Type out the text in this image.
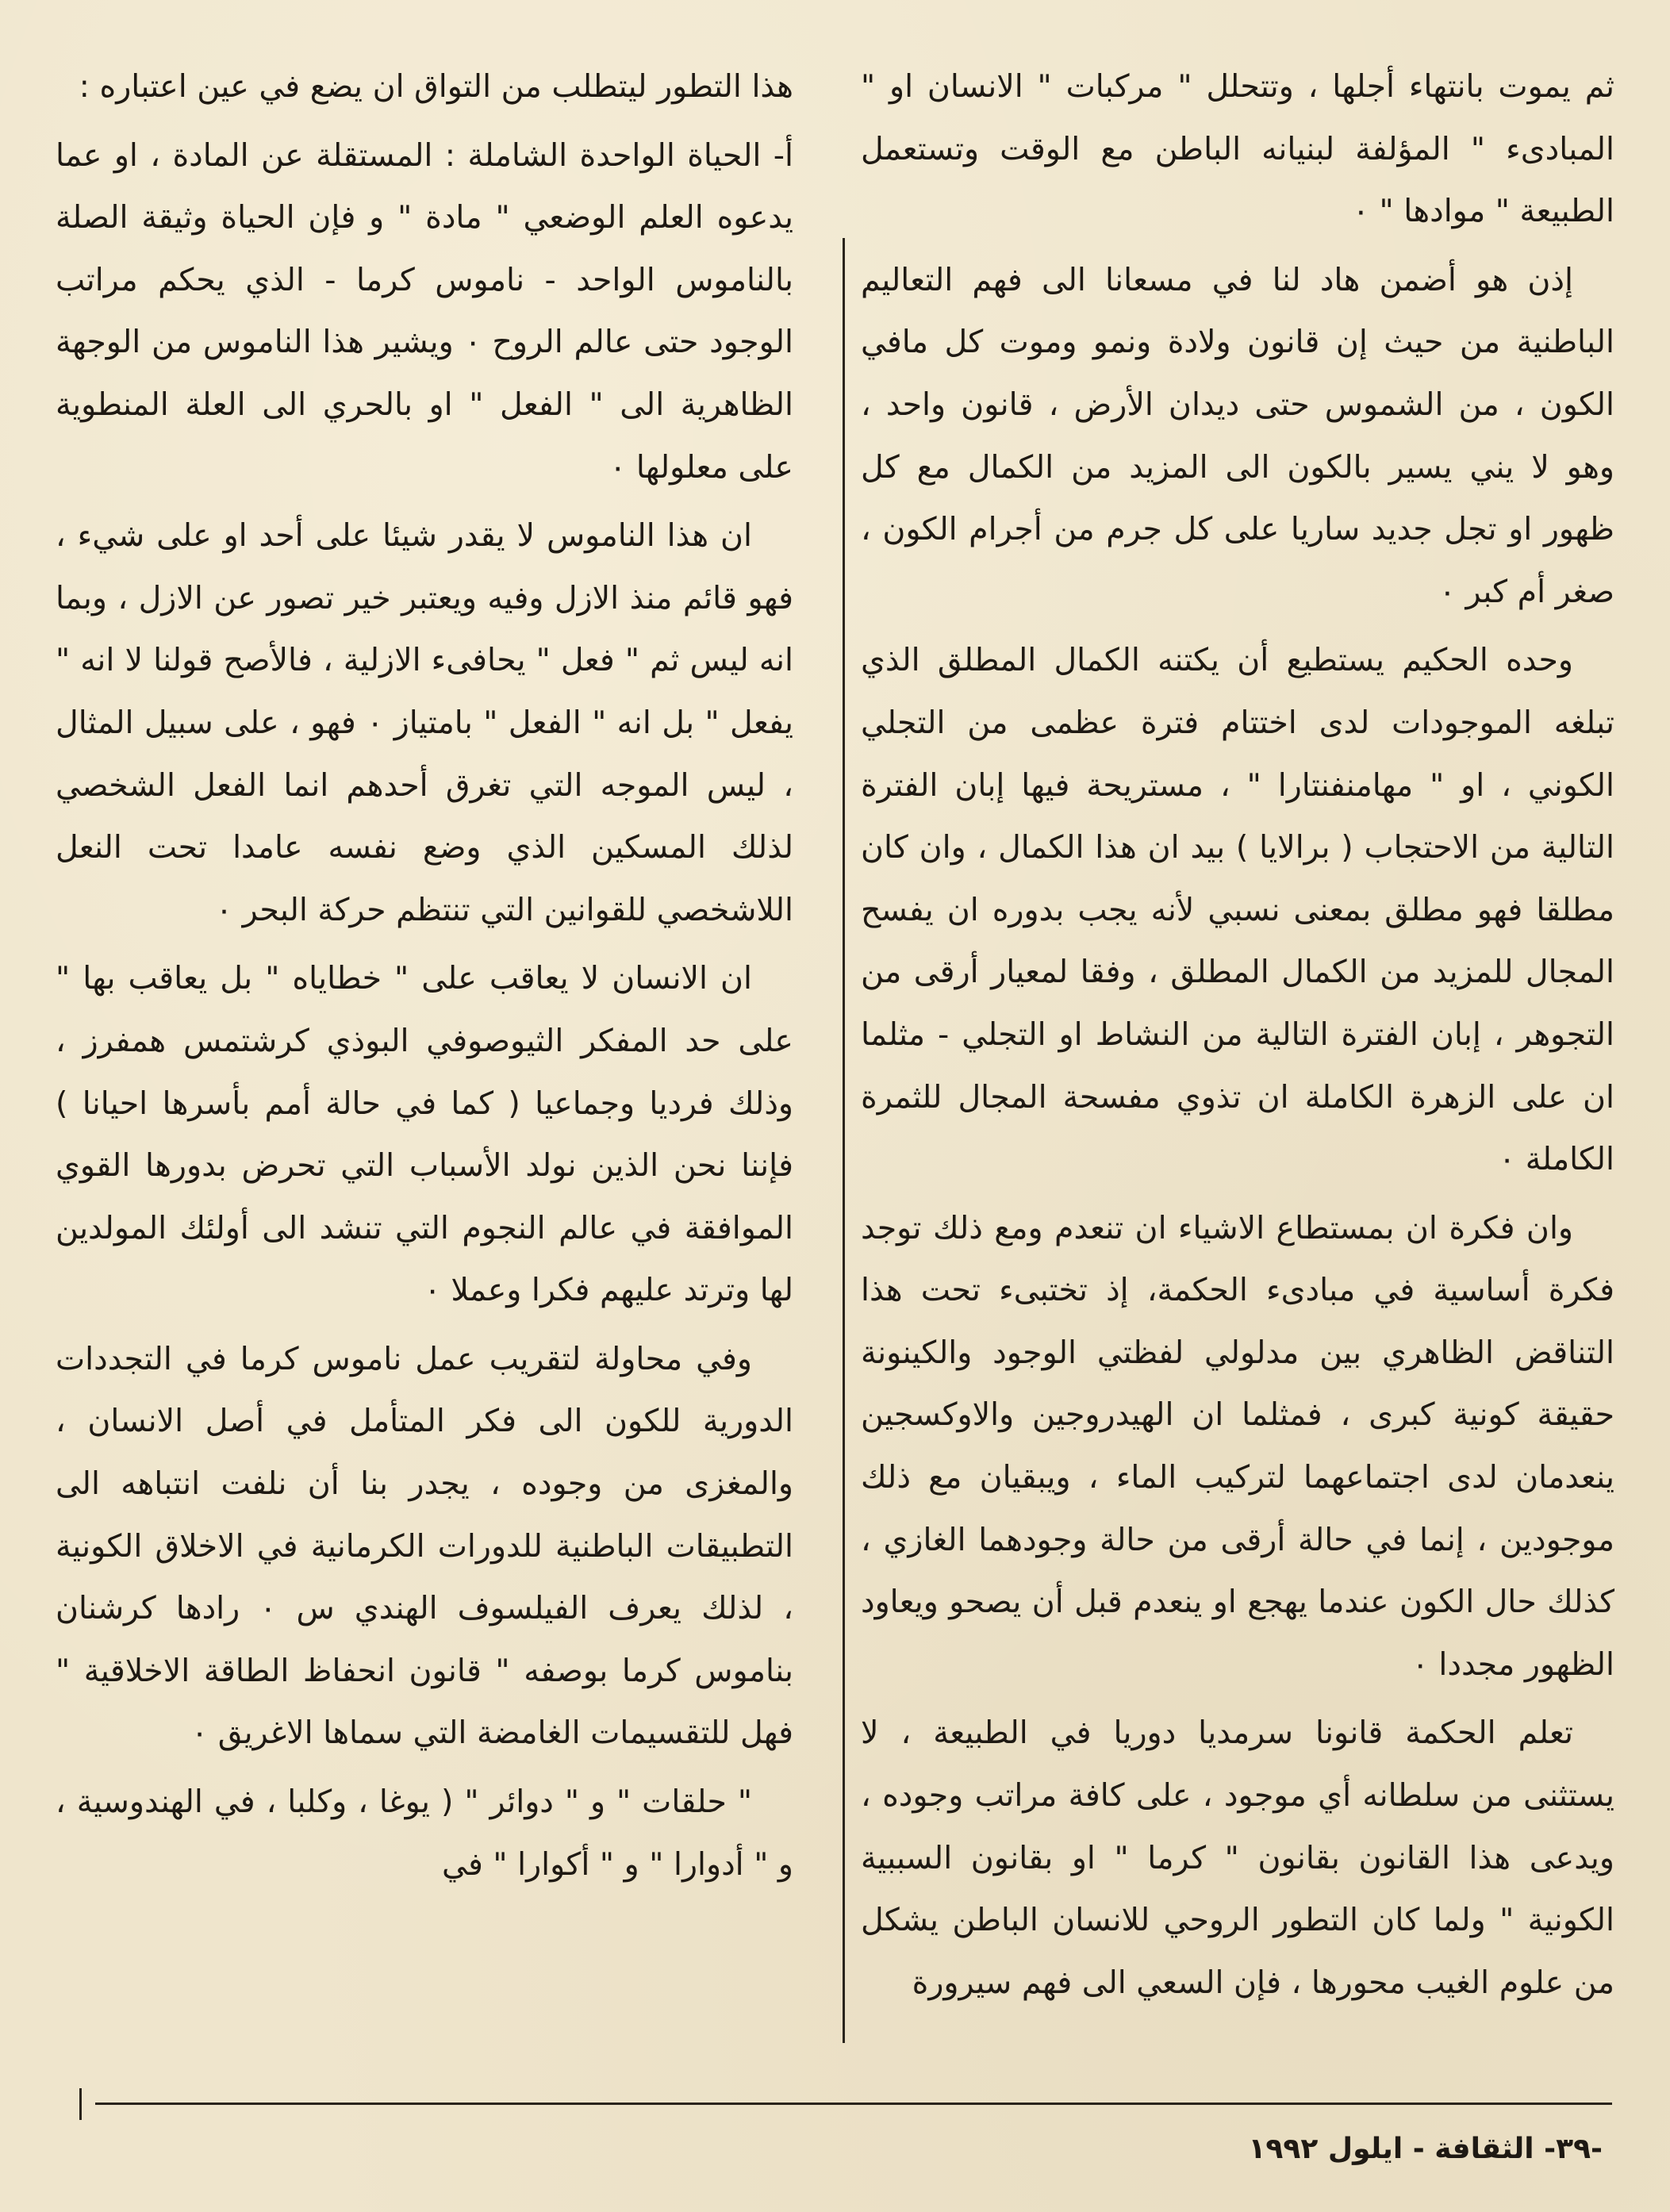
ثم يموت بانتهاء أجلها ، وتتحلل " مركبات " الانسان او " المبادىء " المؤلفة لبنيانه الباطن مع الوقت وتستعمل الطبيعة " موادها " ٠

إذن هو أضمن هاد لنا في مسعانا الى فهم التعاليم الباطنية من حيث إن قانون ولادة ونمو وموت كل مافي الكون ، من الشموس حتى ديدان الأرض ، قانون واحد ، وهو لا يني يسير بالكون الى المزيد من الكمال مع كل ظهور او تجل جديد ساريا على كل جرم من أجرام الكون ، صغر أم كبر ٠

وحده الحكيم يستطيع أن يكتنه الكمال المطلق الذي تبلغه الموجودات لدى اختتام فترة عظمى من التجلي الكوني ، او " مهامنفنتارا " ، مستريحة فيها إبان الفترة التالية من الاحتجاب ( برالايا ) بيد ان هذا الكمال ، وان كان مطلقا فهو مطلق بمعنى نسبي لأنه يجب بدوره ان يفسح المجال للمزيد من الكمال المطلق ، وفقا لمعيار أرقى من التجوهر ، إبان الفترة التالية من النشاط او التجلي - مثلما ان على الزهرة الكاملة ان تذوي مفسحة المجال للثمرة الكاملة ٠

وان فكرة ان بمستطاع الاشياء ان تنعدم ومع ذلك توجد فكرة أساسية في مبادىء الحكمة، إذ تختبىء تحت هذا التناقض الظاهري بين مدلولي لفظتي الوجود والكينونة حقيقة كونية كبرى ، فمثلما ان الهيدروجين والاوكسجين ينعدمان لدى اجتماعهما لتركيب الماء ، ويبقيان مع ذلك موجودين ، إنما في حالة أرقى من حالة وجودهما الغازي ، كذلك حال الكون عندما يهجع او ينعدم قبل أن يصحو ويعاود الظهور مجددا ٠

تعلم الحكمة قانونا سرمديا دوريا في الطبيعة ، لا يستثنى من سلطانه أي موجود ، على كافة مراتب وجوده ، ويدعى هذا القانون بقانون " كرما " او بقانون السببية الكونية " ولما كان التطور الروحي للانسان الباطن يشكل من علوم الغيب محورها ، فإن السعي الى فهم سيرورة

هذا التطور ليتطلب من التواق ان يضع في عين اعتباره :

أ- الحياة الواحدة الشاملة : المستقلة عن المادة ، او عما يدعوه العلم الوضعي " مادة " و فإن الحياة وثيقة الصلة بالناموس الواحد - ناموس كرما - الذي يحكم مراتب الوجود حتى عالم الروح ٠ ويشير هذا الناموس من الوجهة الظاهرية الى " الفعل " او بالحري الى العلة المنطوية على معلولها ٠

ان هذا الناموس لا يقدر شيئا على أحد او على شيء ، فهو قائم منذ الازل وفيه ويعتبر خير تصور عن الازل ، وبما انه ليس ثم " فعل " يحافىء الازلية ، فالأصح قولنا لا انه " يفعل " بل انه " الفعل " بامتياز ٠ فهو ، على سبيل المثال ، ليس الموجه التي تغرق أحدهم انما الفعل الشخصي لذلك المسكين الذي وضع نفسه عامدا تحت النعل اللاشخصي للقوانين التي تنتظم حركة البحر ٠

ان الانسان لا يعاقب على " خطاياه " بل يعاقب بها " على حد المفكر الثيوصوفي البوذي كرشتمس همفرز ، وذلك فرديا وجماعيا ( كما في حالة أمم بأسرها احيانا ) فإننا نحن الذين نولد الأسباب التي تحرض بدورها القوي الموافقة في عالم النجوم التي تنشد الى أولئك المولدين لها وترتد عليهم فكرا وعملا ٠

وفي محاولة لتقريب عمل ناموس كرما في التجددات الدورية للكون الى فكر المتأمل في أصل الانسان ، والمغزى من وجوده ، يجدر بنا أن نلفت انتباهه الى التطبيقات الباطنية للدورات الكرمانية في الاخلاق الكونية ، لذلك يعرف الفيلسوف الهندي س ٠ رادها كرشنان بناموس كرما بوصفه " قانون انحفاظ الطاقة الاخلاقية " فهل للتقسيمات الغامضة التي سماها الاغريق ٠

" حلقات " و " دوائر " ( يوغا ، وكلبا ، في الهندوسية ، و " أدوارا " و " أكوارا " في

-٣٩- الثقافة - ايلول ١٩٩٢
